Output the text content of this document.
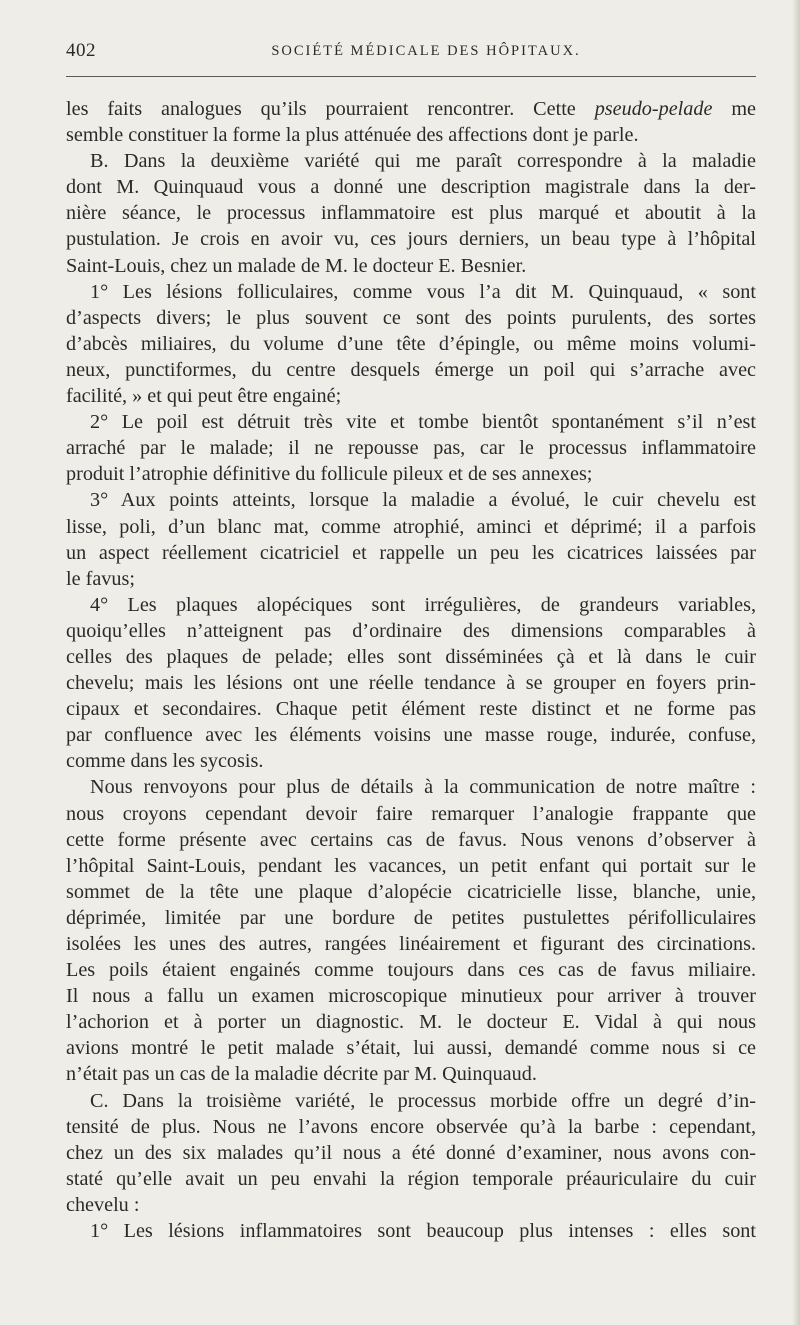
402	SOCIÉTÉ MÉDICALE DES HÔPITAUX.

les faits analogues qu’ils pourraient rencontrer. Cette pseudo-pelade me

semble constituer la forme la plus atténuée des affections dont je parle.

B. Dans la deuxième variété qui me paraît correspondre à la maladie

dont M. Quinquaud vous a donné une description magistrale dans la der-

nière séance, le processus inflammatoire est plus marqué et aboutit à la

pustulation. Je crois en avoir vu, ces jours derniers, un beau type à l’hôpital

Saint-Louis, chez un malade de M. le docteur E. Besnier.

1° Les lésions folliculaires, comme vous l’a dit M. Quinquaud, « sont

d’aspects divers; le plus souvent ce sont des points purulents, des sortes

d’abcès miliaires, du volume d’une tête d’épingle, ou même moins volumi-

neux, punctiformes, du centre desquels émerge un poil qui s’arrache avec

facilité, » et qui peut être engainé;

2° Le poil est détruit très vite et tombe bientôt spontanément s’il n’est

arraché par le malade; il ne repousse pas, car le processus inflammatoire

produit l’atrophie définitive du follicule pileux et de ses annexes;

3° Aux points atteints, lorsque la maladie a évolué, le cuir chevelu est

lisse, poli, d’un blanc mat, comme atrophié, aminci et déprimé; il a parfois

un aspect réellement cicatriciel et rappelle un peu les cicatrices laissées par

le favus;

4° Les plaques alopéciques sont irrégulières, de grandeurs variables,

quoiqu’elles n’atteignent pas d’ordinaire des dimensions comparables à

celles des plaques de pelade; elles sont disséminées çà et là dans le cuir

chevelu; mais les lésions ont une réelle tendance à se grouper en foyers prin-

cipaux et secondaires. Chaque petit élément reste distinct et ne forme pas

par confluence avec les éléments voisins une masse rouge, indurée, confuse,

comme dans les sycosis.

Nous renvoyons pour plus de détails à la communication de notre maître :

nous croyons cependant devoir faire remarquer l’analogie frappante que

cette forme présente avec certains cas de favus. Nous venons d’observer à

l’hôpital Saint-Louis, pendant les vacances, un petit enfant qui portait sur le

sommet de la tête une plaque d’alopécie cicatricielle lisse, blanche, unie,

déprimée, limitée par une bordure de petites pustulettes périfolliculaires

isolées les unes des autres, rangées linéairement et figurant des circinations.

Les poils étaient engainés comme toujours dans ces cas de favus miliaire.

Il nous a fallu un examen microscopique minutieux pour arriver à trouver

l’achorion et à porter un diagnostic. M. le docteur E. Vidal à qui nous

avions montré le petit malade s’était, lui aussi, demandé comme nous si ce

n’était pas un cas de la maladie décrite par M. Quinquaud.

C. Dans la troisième variété, le processus morbide offre un degré d’in-

tensité de plus. Nous ne l’avons encore observée qu’à la barbe : cependant,

chez un des six malades qu’il nous a été donné d’examiner, nous avons con-

staté qu’elle avait un peu envahi la région temporale préauriculaire du cuir

chevelu :

1° Les lésions inflammatoires sont beaucoup plus intenses : elles sont
